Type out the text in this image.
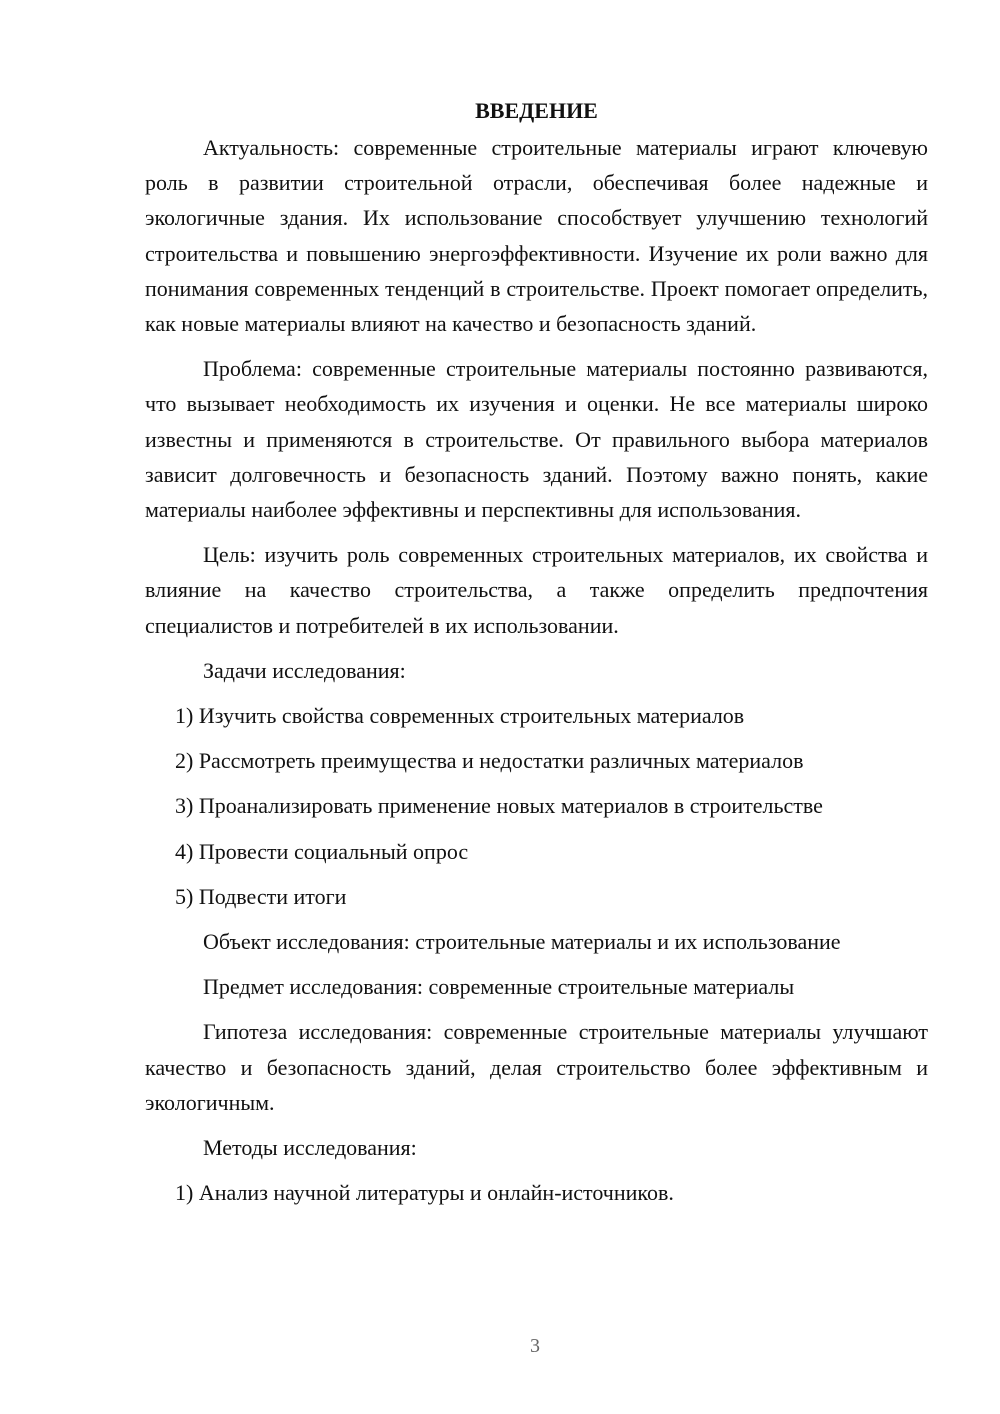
ВВЕДЕНИЕ

Актуальность: современные строительные материалы играют ключевую роль в развитии строительной отрасли, обеспечивая более надежные и экологичные здания. Их использование способствует улучшению технологий строительства и повышению энергоэффективности. Изучение их роли важно для понимания современных тенденций в строительстве. Проект помогает определить, как новые материалы влияют на качество и безопасность зданий.

Проблема: современные строительные материалы постоянно развиваются, что вызывает необходимость их изучения и оценки. Не все материалы широко известны и применяются в строительстве. От правильного выбора материалов зависит долговечность и безопасность зданий. Поэтому важно понять, какие материалы наиболее эффективны и перспективны для использования.

Цель: изучить роль современных строительных материалов, их свойства и влияние на качество строительства, а также определить предпочтения специалистов и потребителей в их использовании.

Задачи исследования:

1) Изучить свойства современных строительных материалов
2) Рассмотреть преимущества и недостатки различных материалов
3) Проанализировать применение новых материалов в строительстве
4) Провести социальный опрос
5) Подвести итоги

Объект исследования: строительные материалы и их использование

Предмет исследования: современные строительные материалы

Гипотеза исследования: современные строительные материалы улучшают качество и безопасность зданий, делая строительство более эффективным и экологичным.

Методы исследования:

1) Анализ научной литературы и онлайн-источников.
3
